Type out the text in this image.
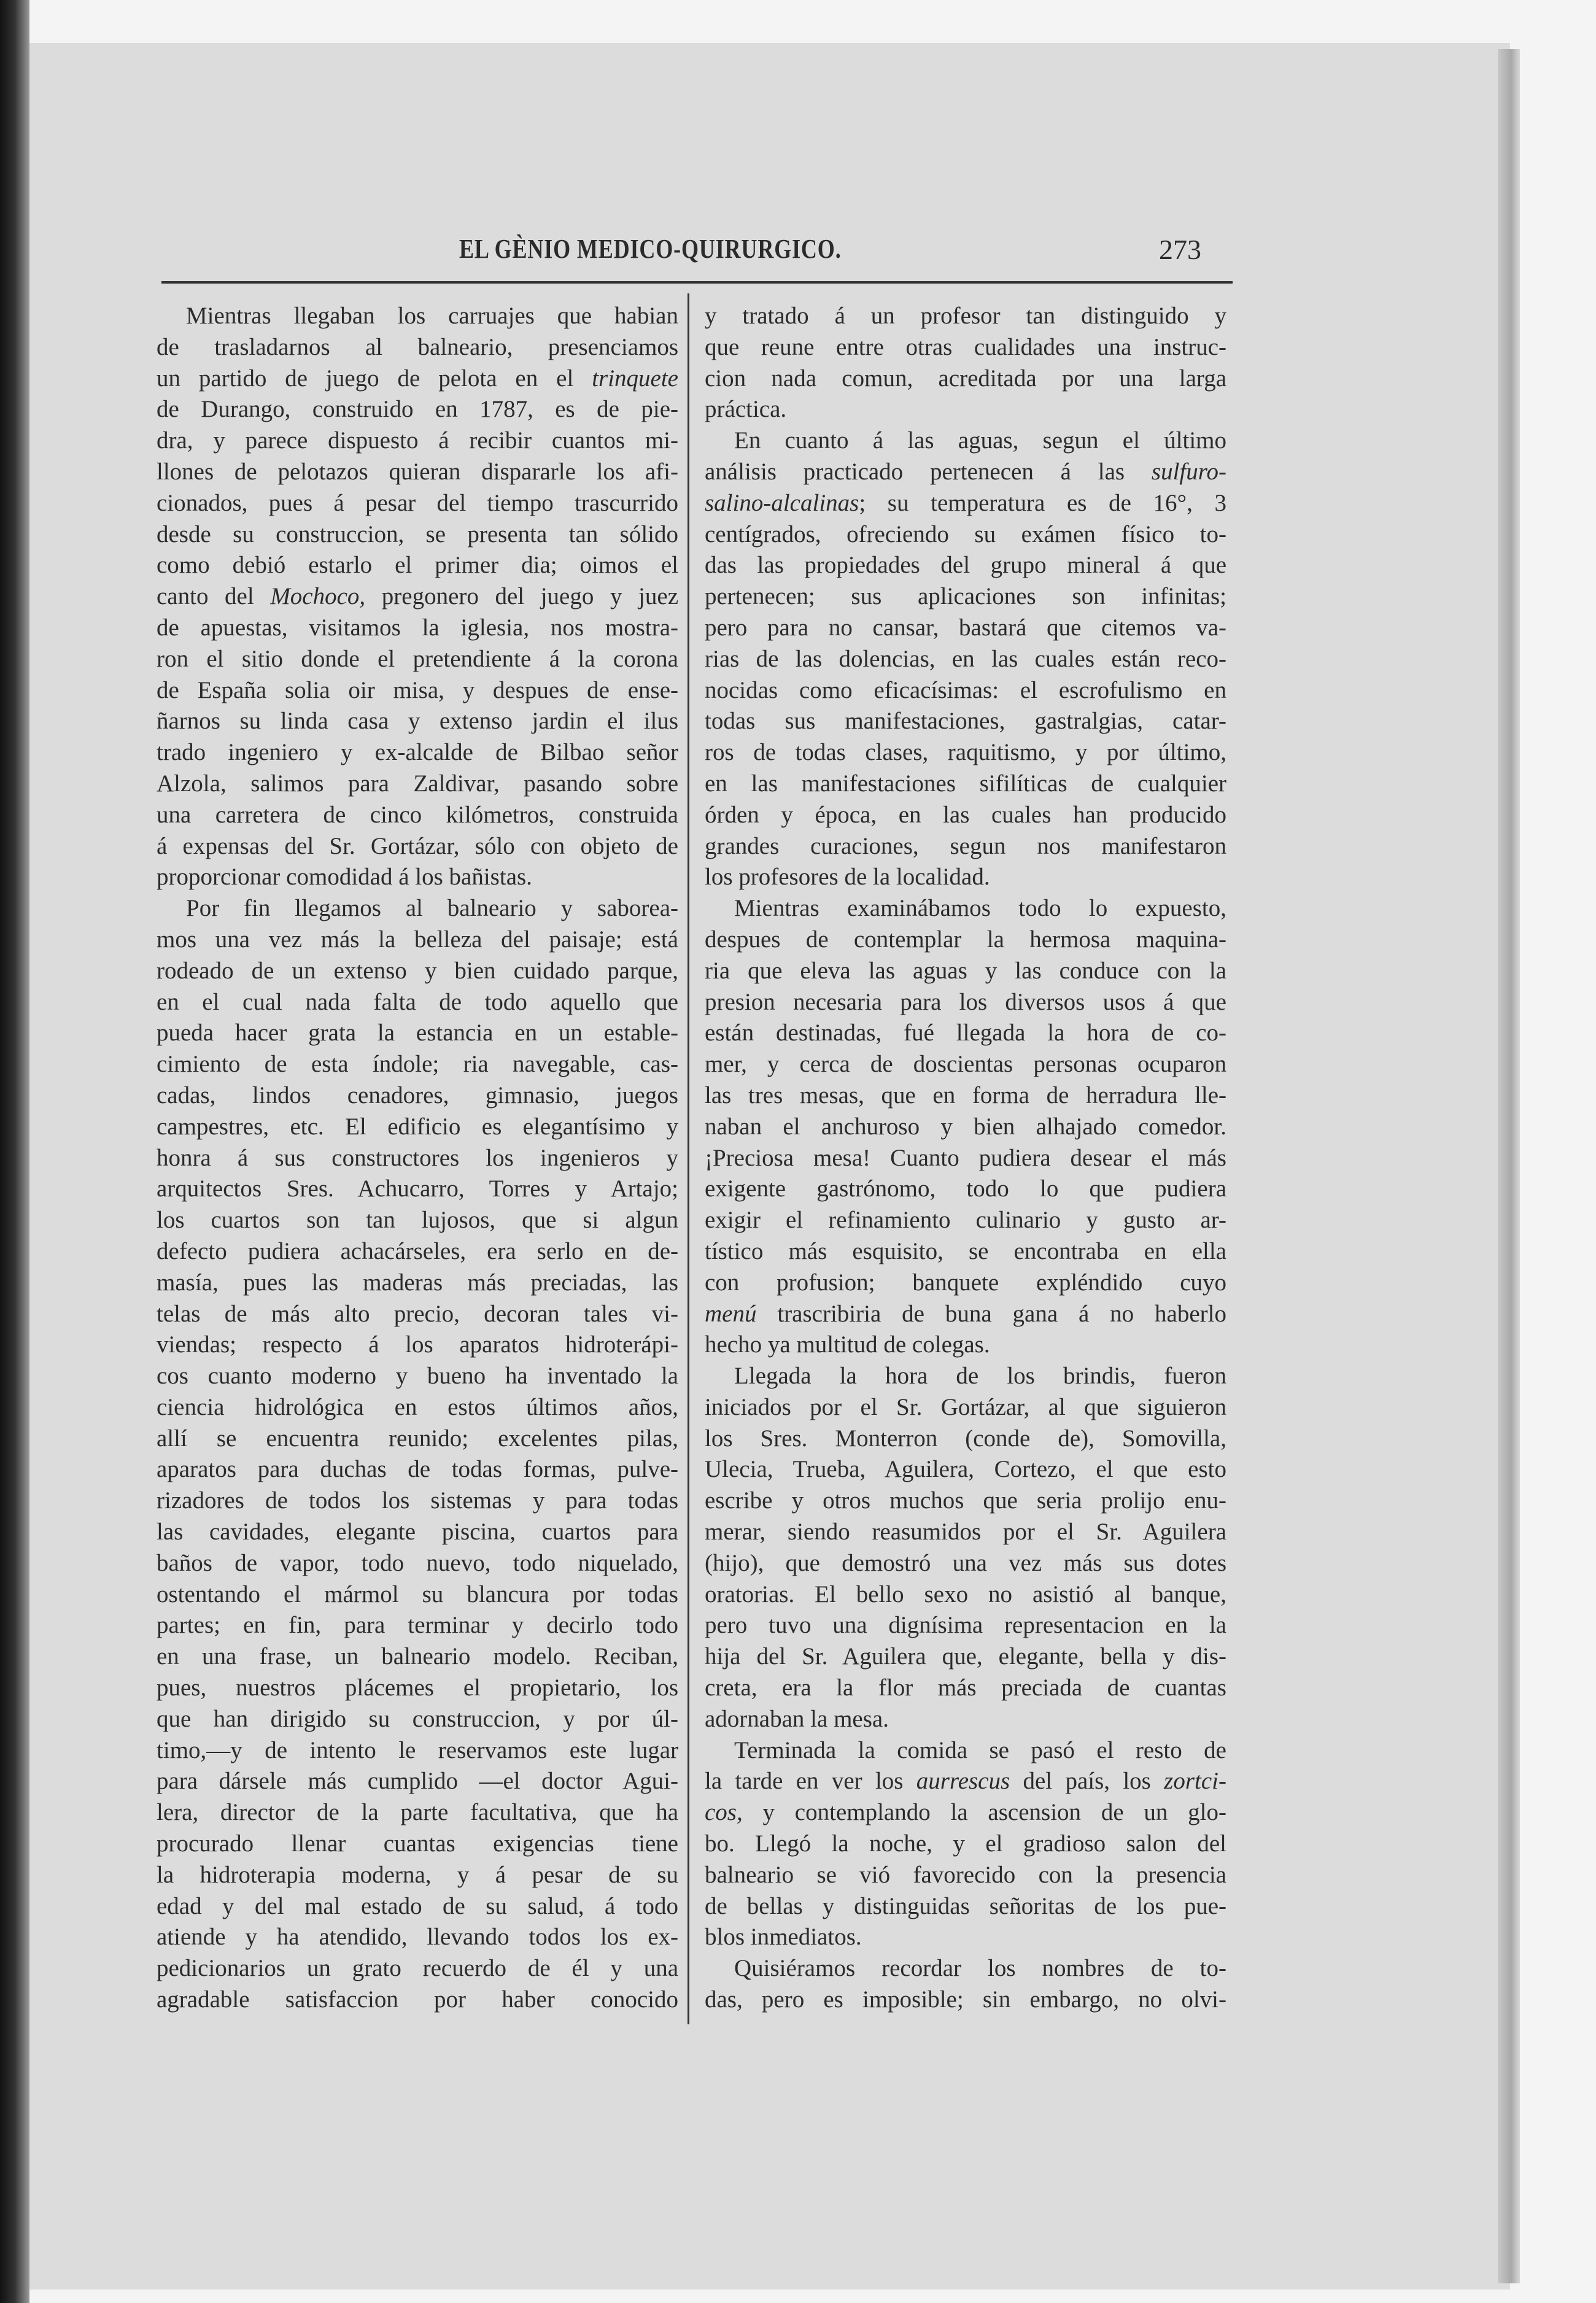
EL GÈNIO MEDICO-QUIRURGICO.	273
Mientras llegaban los carruajes que habian
de trasladarnos al balneario, presenciamos
un partido de juego de pelota en el trinquete
de Durango, construido en 1787, es de pie-
dra, y parece dispuesto á recibir cuantos mi-
llones de pelotazos quieran dispararle los afi-
cionados, pues á pesar del tiempo trascurrido
desde su construccion, se presenta tan sólido
como debió estarlo el primer dia; oimos el
canto del Mochoco, pregonero del juego y juez
de apuestas, visitamos la iglesia, nos mostra-
ron el sitio donde el pretendiente á la corona
de España solia oir misa, y despues de ense-
ñarnos su linda casa y extenso jardin el ilus
trado ingeniero y ex-alcalde de Bilbao señor
Alzola, salimos para Zaldivar, pasando sobre
una carretera de cinco kilómetros, construida
á expensas del Sr. Gortázar, sólo con objeto de
proporcionar comodidad á los bañistas.
Por fin llegamos al balneario y saborea-
mos una vez más la belleza del paisaje; está
rodeado de un extenso y bien cuidado parque,
en el cual nada falta de todo aquello que
pueda hacer grata la estancia en un estable-
cimiento de esta índole; ria navegable, cas-
cadas, lindos cenadores, gimnasio, juegos
campestres, etc. El edificio es elegantísimo y
honra á sus constructores los ingenieros y
arquitectos Sres. Achucarro, Torres y Artajo;
los cuartos son tan lujosos, que si algun
defecto pudiera achacárseles, era serlo en de-
masía, pues las maderas más preciadas, las
telas de más alto precio, decoran tales vi-
viendas; respecto á los aparatos hidroterápi-
cos cuanto moderno y bueno ha inventado la
ciencia hidrológica en estos últimos años,
allí se encuentra reunido; excelentes pilas,
aparatos para duchas de todas formas, pulve-
rizadores de todos los sistemas y para todas
las cavidades, elegante piscina, cuartos para
baños de vapor, todo nuevo, todo niquelado,
ostentando el mármol su blancura por todas
partes; en fin, para terminar y decirlo todo
en una frase, un balneario modelo. Reciban,
pues, nuestros plácemes el propietario, los
que han dirigido su construccion, y por úl-
timo,—y de intento le reservamos este lugar
para dársele más cumplido —el doctor Agui-
lera, director de la parte facultativa, que ha
procurado llenar cuantas exigencias tiene
la hidroterapia moderna, y á pesar de su
edad y del mal estado de su salud, á todo
atiende y ha atendido, llevando todos los ex-
pedicionarios un grato recuerdo de él y una
agradable satisfaccion por haber conocido
y tratado á un profesor tan distinguido y
que reune entre otras cualidades una instruc-
cion nada comun, acreditada por una larga
práctica.
En cuanto á las aguas, segun el último
análisis practicado pertenecen á las sulfuro-
salino-alcalinas; su temperatura es de 16°, 3
centígrados, ofreciendo su exámen físico to-
das las propiedades del grupo mineral á que
pertenecen; sus aplicaciones son infinitas;
pero para no cansar, bastará que citemos va-
rias de las dolencias, en las cuales están reco-
nocidas como eficacísimas: el escrofulismo en
todas sus manifestaciones, gastralgias, catar-
ros de todas clases, raquitismo, y por último,
en las manifestaciones sifilíticas de cualquier
órden y época, en las cuales han producido
grandes curaciones, segun nos manifestaron
los profesores de la localidad.
Mientras examinábamos todo lo expuesto,
despues de contemplar la hermosa maquina-
ria que eleva las aguas y las conduce con la
presion necesaria para los diversos usos á que
están destinadas, fué llegada la hora de co-
mer, y cerca de doscientas personas ocuparon
las tres mesas, que en forma de herradura lle-
naban el anchuroso y bien alhajado comedor.
¡Preciosa mesa! Cuanto pudiera desear el más
exigente gastrónomo, todo lo que pudiera
exigir el refinamiento culinario y gusto ar-
tístico más esquisito, se encontraba en ella
con profusion; banquete expléndido cuyo
menú trascribiria de buna gana á no haberlo
hecho ya multitud de colegas.
Llegada la hora de los brindis, fueron
iniciados por el Sr. Gortázar, al que siguieron
los Sres. Monterron (conde de), Somovilla,
Ulecia, Trueba, Aguilera, Cortezo, el que esto
escribe y otros muchos que seria prolijo enu-
merar, siendo reasumidos por el Sr. Aguilera
(hijo), que demostró una vez más sus dotes
oratorias. El bello sexo no asistió al banque,
pero tuvo una dignísima representacion en la
hija del Sr. Aguilera que, elegante, bella y dis-
creta, era la flor más preciada de cuantas
adornaban la mesa.
Terminada la comida se pasó el resto de
la tarde en ver los aurrescus del país, los zortci-
cos, y contemplando la ascension de un glo-
bo. Llegó la noche, y el gradioso salon del
balneario se vió favorecido con la presencia
de bellas y distinguidas señoritas de los pue-
blos inmediatos.
Quisiéramos recordar los nombres de to-
das, pero es imposible; sin embargo, no olvi-
